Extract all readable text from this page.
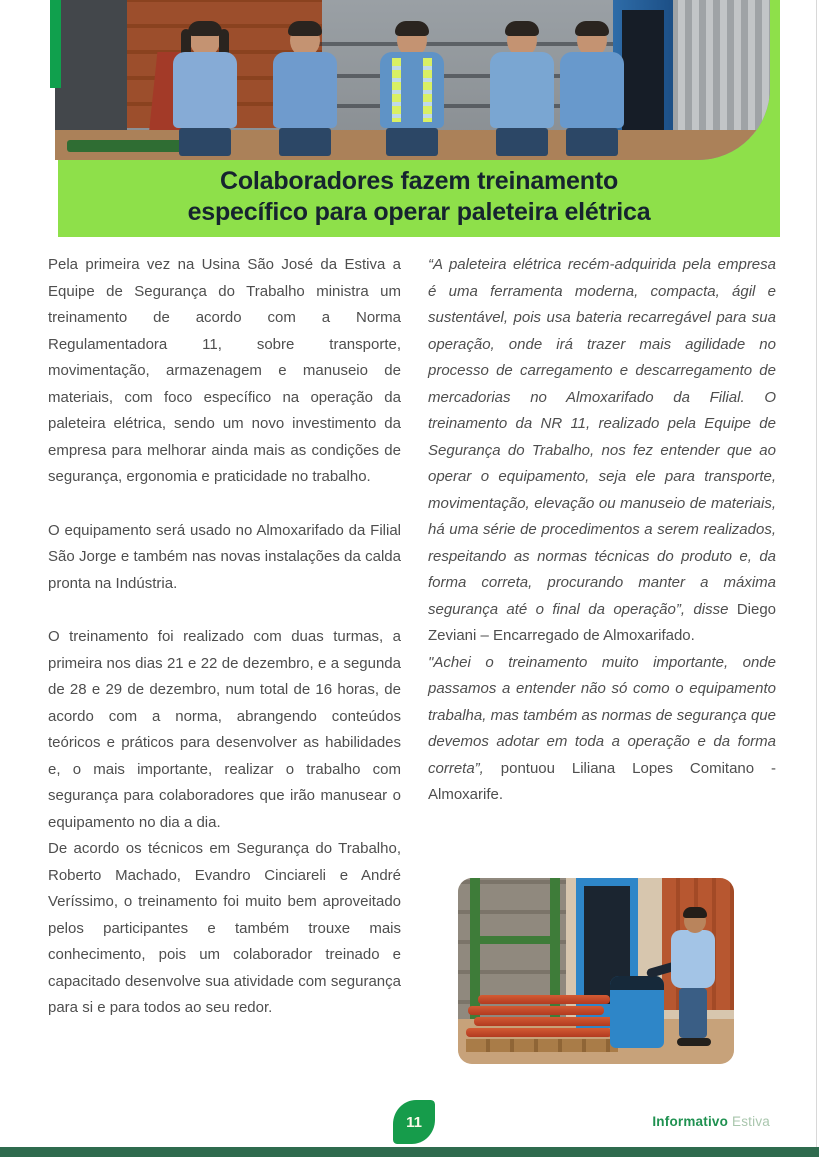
Colaboradores fazem treinamento
específico para operar paleteira elétrica

Pela primeira vez na Usina São José da Estiva a Equipe de Segurança do Trabalho ministra um treinamento de acordo com a Norma Regulamentadora 11, sobre transporte, movimentação, armazenagem e manuseio de materiais, com foco específico na operação da paleteira elétrica, sendo um novo investimento da empresa para melhorar ainda mais as condições de segurança, ergonomia e praticidade no trabalho.

O equipamento será usado no Almoxarifado da Filial São Jorge e também nas novas instalações da calda pronta na Indústria.

O treinamento foi realizado com duas turmas, a primeira nos dias 21 e 22 de dezembro, e a segunda de 28 e 29 de dezembro, num total de 16 horas, de acordo com a norma, abrangendo conteúdos teóricos e práticos para desenvolver as habilidades e, o mais importante, realizar o trabalho com segurança para colaboradores que irão manusear o equipamento no dia a dia.

De acordo os técnicos em Segurança do Trabalho, Roberto Machado, Evandro Cinciareli e André Veríssimo, o treinamento foi muito bem aproveitado pelos participantes e também trouxe mais conhecimento, pois um colaborador treinado e capacitado desenvolve sua atividade com segurança para si e para todos ao seu redor.

“A paleteira elétrica recém-adquirida pela empresa é uma ferramenta moderna, compacta, ágil e sustentável, pois usa bateria recarregável para sua operação, onde irá trazer mais agilidade no processo de carregamento e descarregamento de mercadorias no Almoxarifado da Filial. O treinamento da NR 11, realizado pela Equipe de Segurança do Trabalho, nos fez entender que ao operar o equipamento, seja ele para transporte, movimentação, elevação ou manuseio de materiais, há uma série de procedimentos a serem realizados, respeitando as normas técnicas do produto e, da forma correta, procurando manter a máxima segurança até o final da operação”, disse Diego Zeviani – Encarregado de Almoxarifado.

"Achei o treinamento muito importante, onde passamos a entender não só como o equipamento trabalha, mas também as normas de segurança que devemos adotar em toda a operação e da forma correta”, pontuou Liliana Lopes Comitano - Almoxarife.

11	Informativo Estiva
